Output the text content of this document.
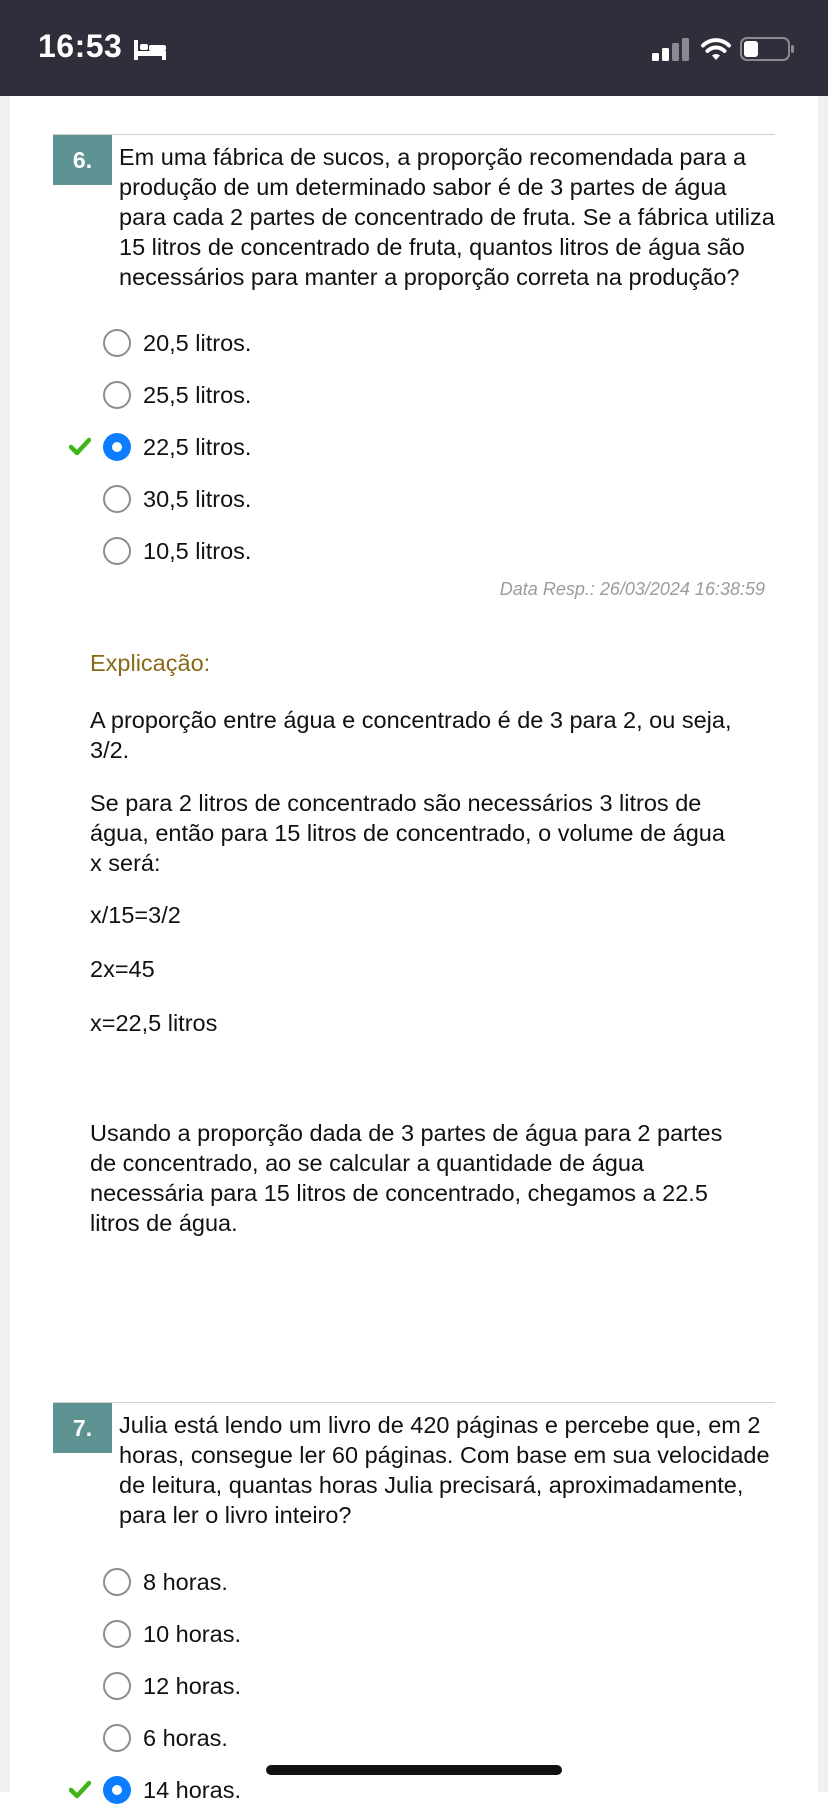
16:53
6.	Em uma fábrica de sucos, a proporção recomendada para a produção de um determinado sabor é de 3 partes de água para cada 2 partes de concentrado de fruta. Se a fábrica utiliza 15 litros de concentrado de fruta, quantos litros de água são necessários para manter a proporção correta na produção?
20,5 litros.
25,5 litros.
22,5 litros.
30,5 litros.
10,5 litros.
Data Resp.: 26/03/2024 16:38:59
Explicação:

A proporção entre água e concentrado é de 3 para 2, ou seja, 3/2.

Se para 2 litros de concentrado são necessários 3 litros de água, então para 15 litros de concentrado, o volume de água x será:

x/15=3/2

2x=45

x=22,5 litros

Usando a proporção dada de 3 partes de água para 2 partes de concentrado, ao se calcular a quantidade de água necessária para 15 litros de concentrado, chegamos a 22.5 litros de água.

7.	Julia está lendo um livro de 420 páginas e percebe que, em 2 horas, consegue ler 60 páginas. Com base em sua velocidade de leitura, quantas horas Julia precisará, aproximadamente, para ler o livro inteiro?
8 horas.
10 horas.
12 horas.
6 horas.
14 horas.
